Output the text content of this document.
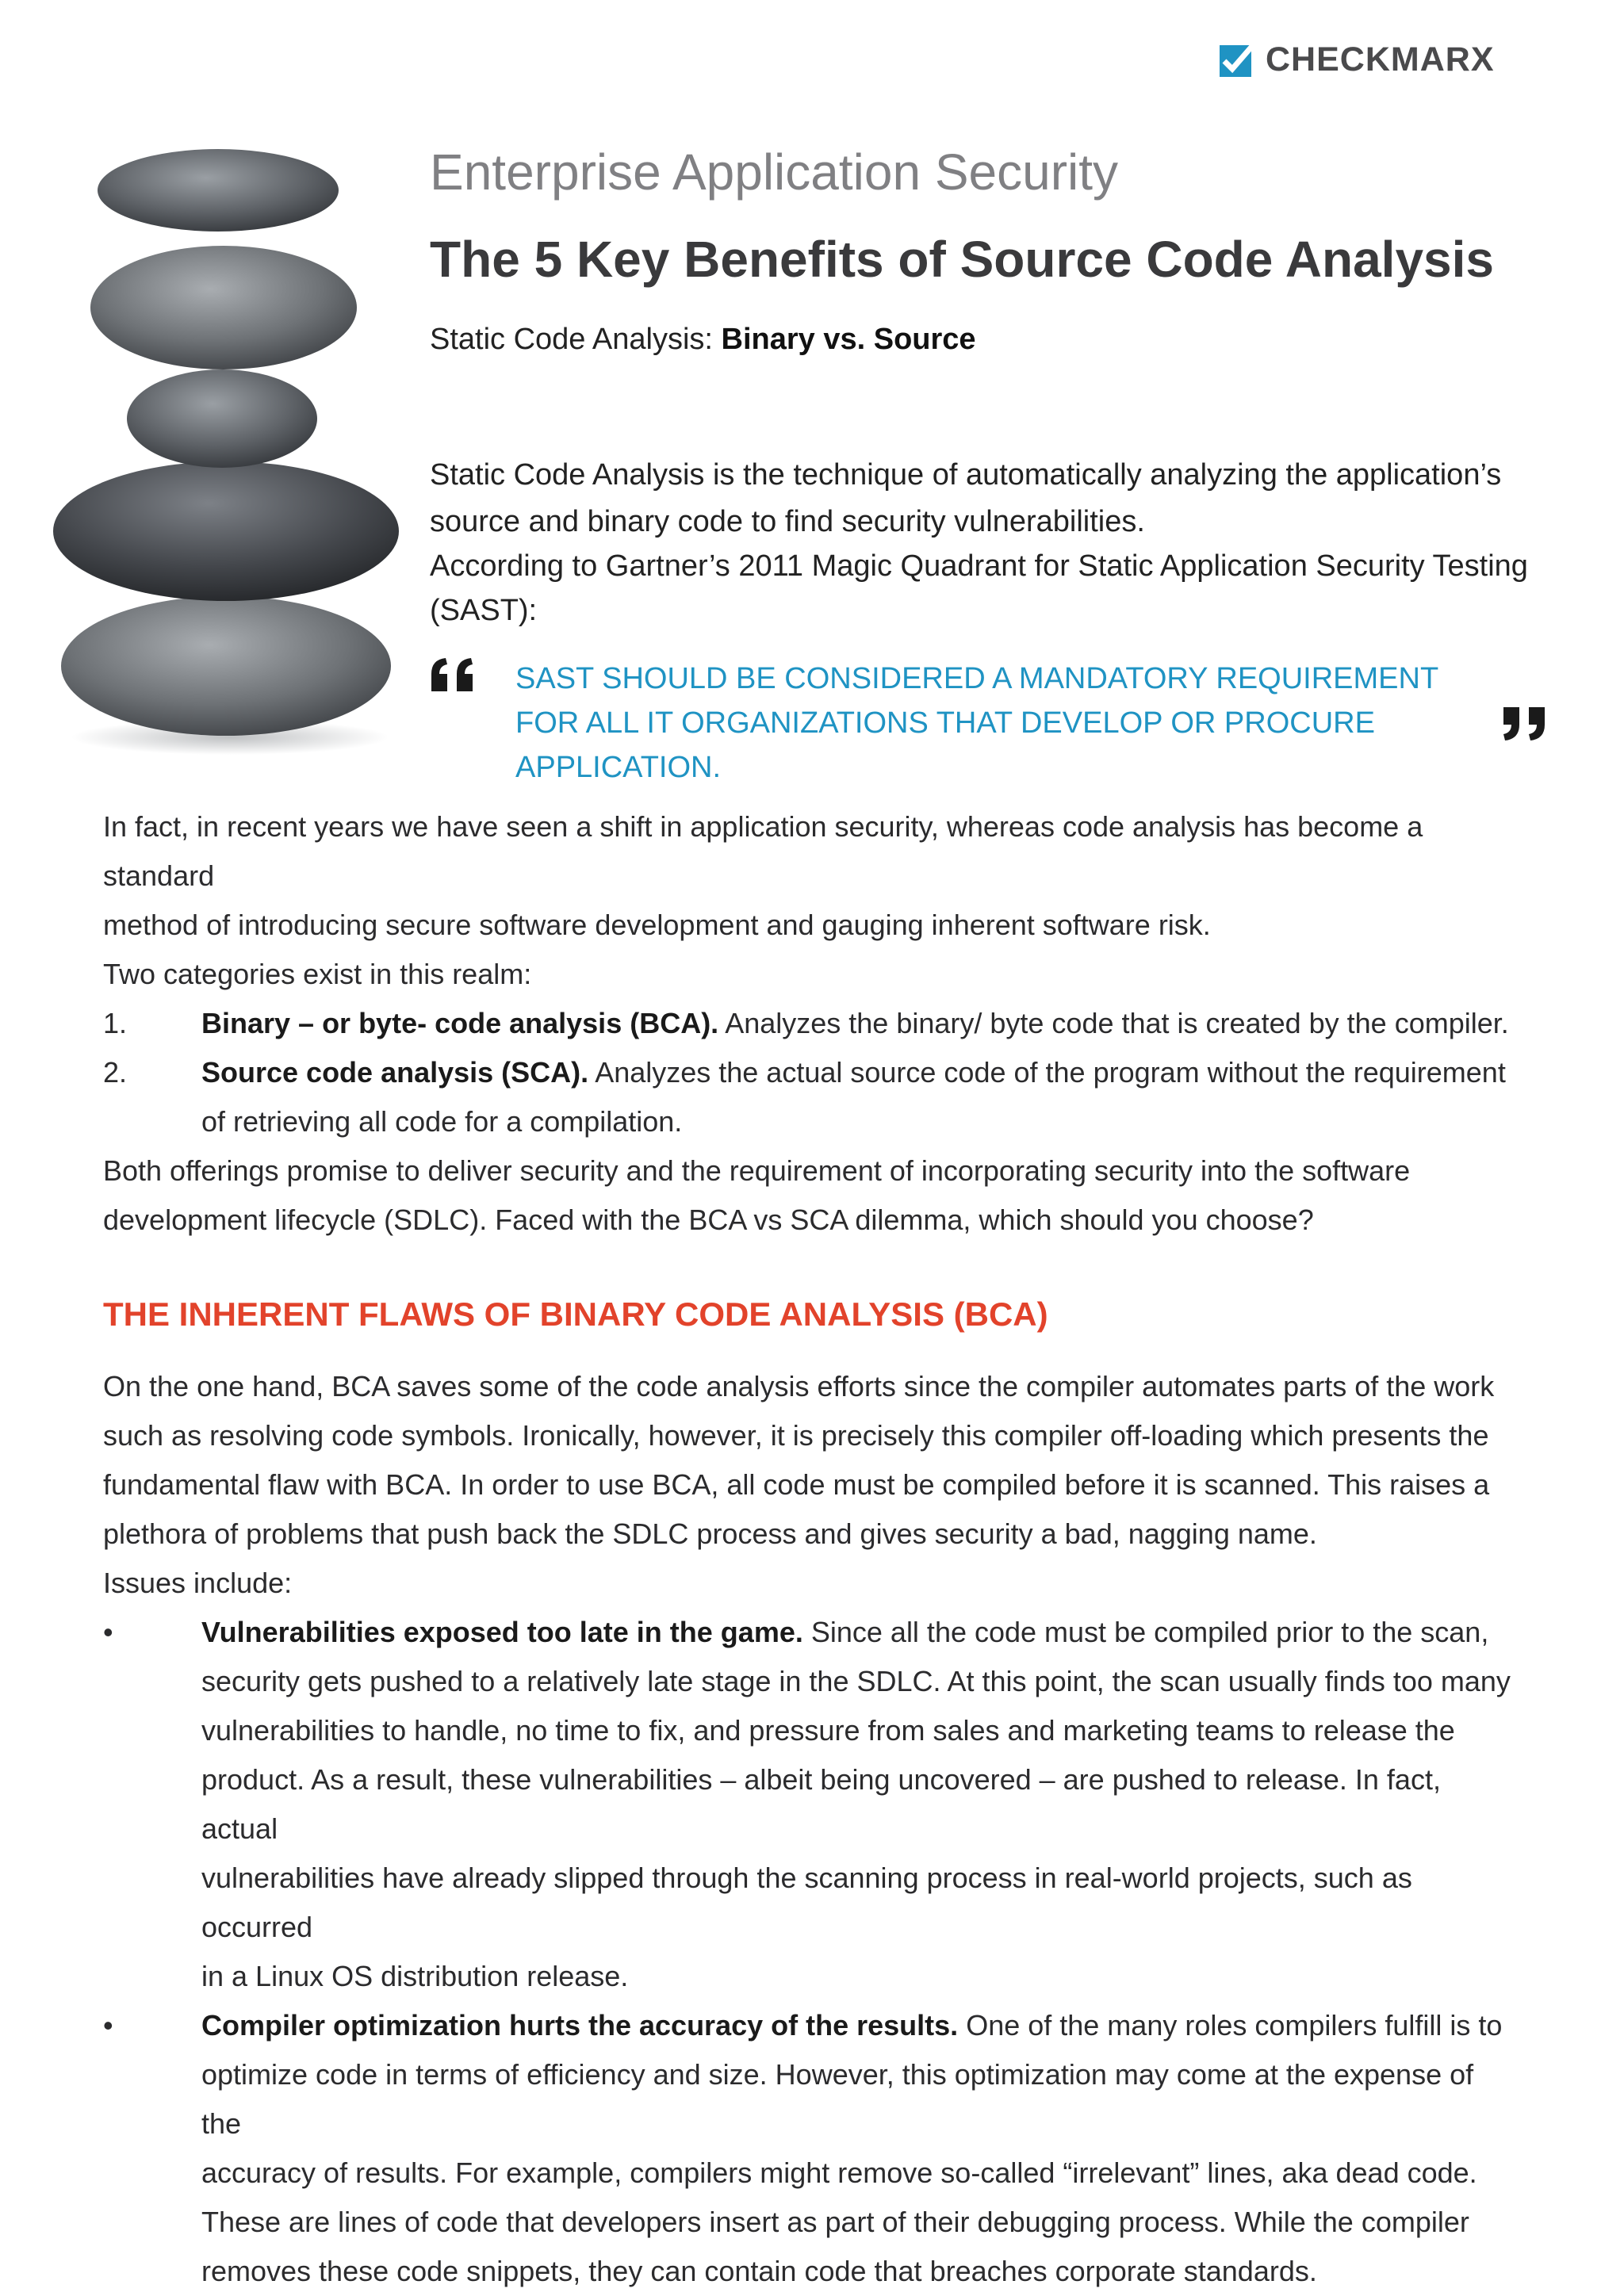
CHECKMARX
Enterprise Application Security
The 5 Key Benefits of Source Code Analysis
Static Code Analysis: Binary vs. Source

Static Code Analysis is the technique of automatically analyzing the application’s

source and binary code to find security vulnerabilities.

According to Gartner’s 2011 Magic Quadrant for Static Application Security Testing

(SAST):

SAST SHOULD BE CONSIDERED A MANDATORY REQUIREMENT
FOR ALL IT ORGANIZATIONS THAT DEVELOP OR PROCURE APPLICATION.

In fact, in recent years we have seen a shift in application security, whereas code analysis has become a standard

method of introducing secure software development and gauging inherent software risk.

Two categories exist in this realm:

1.	Binary – or byte- code analysis (BCA). Analyzes the binary/ byte code that is created by the compiler.
2.	Source code analysis (SCA). Analyzes the actual source code of the program without the requirement
of retrieving all code for a compilation.

Both offerings promise to deliver security and the requirement of incorporating security into the software

development lifecycle (SDLC). Faced with the BCA vs SCA dilemma, which should you choose?

THE INHERENT FLAWS OF BINARY CODE ANALYSIS (BCA)

On the one hand, BCA saves some of the code analysis efforts since the compiler automates parts of the work

such as resolving code symbols. Ironically, however, it is precisely this compiler off-loading which presents the

fundamental flaw with BCA. In order to use BCA, all code must be compiled before it is scanned. This raises a

plethora of problems that push back the SDLC process and gives security a bad, nagging name.

Issues include:

•	Vulnerabilities exposed too late in the game. Since all the code must be compiled prior to the scan,
security gets pushed to a relatively late stage in the SDLC. At this point, the scan usually finds too many
vulnerabilities to handle, no time to fix, and pressure from sales and marketing teams to release the
product. As a result, these vulnerabilities – albeit being uncovered – are pushed to release. In fact, actual
vulnerabilities have already slipped through the scanning process in real-world projects, such as occurred
in a Linux OS distribution release.
•	Compiler optimization hurts the accuracy of the results. One of the many roles compilers fulfill is to
optimize code in terms of efficiency and size. However, this optimization may come at the expense of the
accuracy of results. For example, compilers might remove so-called “irrelevant” lines, aka dead code.
These are lines of code that developers insert as part of their debugging process. While the compiler
removes these code snippets, they can contain code that breaches corporate standards.
